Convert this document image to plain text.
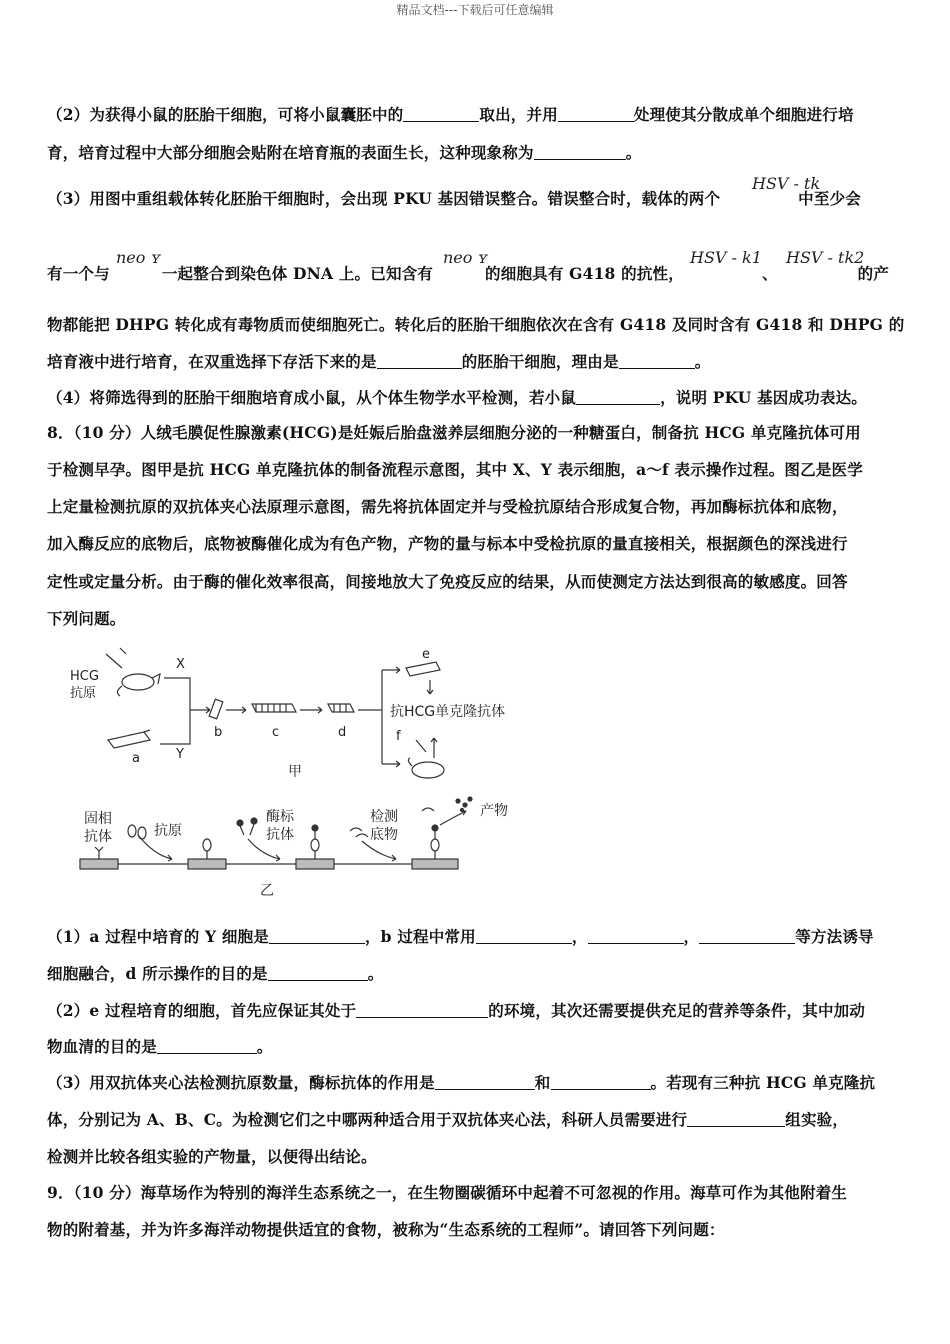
精品文档---下载后可任意编辑
（2）为获得小鼠的胚胎干细胞，可将小鼠囊胚中的	取出，并用	处理使其分散成单个细胞进行培
育，培育过程中大部分细胞会贴附在培育瓶的表面生长，这种现象称为	。
HSV - tk
（3）用图中重组载体转化胚胎干细胞时，会出现 PKU 基因错误整合。错误整合时，载体的两个	中至少会
neo ʏ	neo ʏ	HSV - k1 HSV - tk2
有一个与	一起整合到染色体 DNA 上。已知含有	的细胞具有 G418 的抗性，	、	的产
物都能把 DHPG 转化成有毒物质而使细胞死亡。转化后的胚胎干细胞依次在含有 G418 及同时含有 G418 和 DHPG 的
培育液中进行培育，在双重选择下存活下来的是	的胚胎干细胞，理由是	。
（4）将筛选得到的胚胎干细胞培育成小鼠，从个体生物学水平检测，若小鼠	，说明 PKU 基因成功表达。
8．（10 分）人绒毛膜促性腺激素(HCG)是妊娠后胎盘滋养层细胞分泌的一种糖蛋白，制备抗 HCG 单克隆抗体可用
于检测早孕。图甲是抗 HCG 单克隆抗体的制备流程示意图，其中 X、Y 表示细胞，a～f 表示操作过程。图乙是医学
上定量检测抗原的双抗体夹心法原理示意图，需先将抗体固定并与受检抗原结合形成复合物，再加酶标抗体和底物，
加入酶反应的底物后，底物被酶催化成为有色产物，产物的量与标本中受检抗原的量直接相关，根据颜色的深浅进行
定性或定量分析。由于酶的催化效率很高，间接地放大了免疫反应的结果，从而使测定方法达到很高的敏感度。回答
下列问题。
HCG
抗原
X
Y
a
b	c	d
e
f
抗HCG单克隆抗体
甲
固相
抗体	抗原
酶标
抗体
检测
底物
产物
乙
（1）a 过程中培育的 Y 细胞是	，b 过程中常用	，	，	等方法诱导
细胞融合，d 所示操作的目的是	。
（2）e 过程培育的细胞，首先应保证其处于	的环境，其次还需要提供充足的营养等条件，其中加动
物血清的目的是	。
（3）用双抗体夹心法检测抗原数量，酶标抗体的作用是	和	。若现有三种抗 HCG 单克隆抗
体，分别记为 A、B、C。为检测它们之中哪两种适合用于双抗体夹心法，科研人员需要进行	组实验，
检测并比较各组实验的产物量，以便得出结论。
9．（10 分）海草场作为特别的海洋生态系统之一，在生物圈碳循环中起着不可忽视的作用。海草可作为其他附着生
物的附着基，并为许多海洋动物提供适宜的食物，被称为“生态系统的工程师”。请回答下列问题：
